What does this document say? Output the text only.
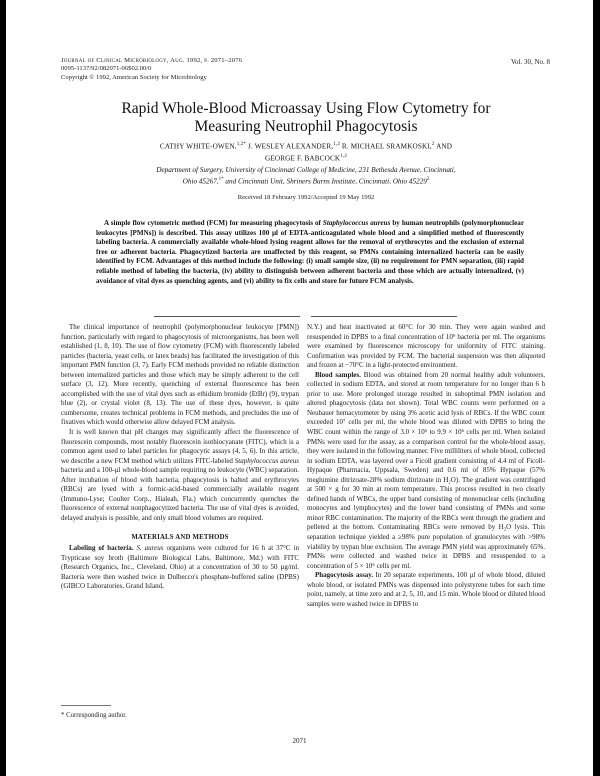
Journal of Clinical Microbiology, Aug. 1992, p. 2071–2076
0095-1137/92/082071-06$02.00/0
Copyright © 1992, American Society for Microbiology
Vol. 30, No. 8
Rapid Whole-Blood Microassay Using Flow Cytometry for
Measuring Neutrophil Phagocytosis
CATHY WHITE-OWEN,$^{1,2*}$ J. WESLEY ALEXANDER,$^{1,2}$ R. MICHAEL SRAMKOSKI,$^2$ AND
GEORGE F. BABCOCK$^{1,2}$
Department of Surgery, University of Cincinnati College of Medicine, 231 Bethesda Avenue, Cincinnati,
Ohio 45267,$^{1*}$ and Cincinnati Unit, Shriners Burns Institute, Cincinnati, Ohio 45229$^2$
Received 18 February 1992/Accepted 19 May 1992
A simple flow cytometric method (FCM) for measuring phagocytosis of Staphylococcus aureus by human neutrophils (polymorphonuclear leukocytes [PMNs]) is described. This assay utilizes 100 µl of EDTA-anticoagulated whole blood and a simplified method of fluorescently labeling bacteria. A commercially available whole-blood lysing reagent allows for the removal of erythrocytes and the exclusion of external free or adherent bacteria. Phagocytized bacteria are unaffected by this reagent, so PMNs containing internalized bacteria can be easily identified by FCM. Advantages of this method include the following: (i) small sample size, (ii) no requirement for PMN separation, (iii) rapid reliable method of labeling the bacteria, (iv) ability to distinguish between adherent bacteria and those which are actually internalized, (v) avoidance of vital dyes as quenching agents, and (vi) ability to fix cells and store for future FCM analysis.

The clinical importance of neutrophil (polymorphonuclear leukocyte [PMN]) function, particularly with regard to phagocytosis of microorganisms, has been well established (1, 8, 10). The use of flow cytometry (FCM) with fluorescently labeled particles (bacteria, yeast cells, or latex beads) has facilitated the investigation of this important PMN function (3, 7). Early FCM methods provided no reliable distinction between internalized particles and those which may be simply adherent to the cell surface (3, 12). More recently, quenching of external fluorescence has been accomplished with the use of vital dyes such as ethidium bromide (EtBr) (9), trypan blue (2), or crystal violet (8, 13). The use of these dyes, however, is quite cumbersome, creates technical problems in FCM methods, and precludes the use of fixatives which would otherwise allow delayed FCM analysis.

It is well known that pH changes may significantly affect the fluorescence of fluorescein compounds, most notably fluorescein isothiocyanate (FITC), which is a common agent used to label particles for phagocytic assays (4, 5, 6). In this article, we describe a new FCM method which utilizes FITC-labeled Staphylococcus aureus bacteria and a 100-µl whole-blood sample requiring no leukocyte (WBC) separation. After incubation of blood with bacteria, phagocytosis is halted and erythrocytes (RBCs) are lysed with a formic-acid-based commercially available reagent (Immuno-Lyse; Coulter Corp., Hialeah, Fla.) which concurrently quenches the fluorescence of external nonphagocytized bacteria. The use of vital dyes is avoided, delayed analysis is possible, and only small blood volumes are required.

MATERIALS AND METHODS

Labeling of bacteria. S. aureus organisms were cultured for 16 h at 37°C in Trypticase soy broth (Baltimore Biological Labs, Baltimore, Md.) with FITC (Research Organics, Inc., Cleveland, Ohio) at a concentration of 30 to 50 µg/ml. Bacteria were then washed twice in Dulbecco's phosphate-buffered saline (DPBS) (GIBCO Laboratories, Grand Island,

N.Y.) and heat inactivated at 60°C for 30 min. They were again washed and resuspended in DPBS to a final concentration of 10⁹ bacteria per ml. The organisms were examined by fluorescence microscopy for uniformity of FITC staining. Confirmation was provided by FCM. The bacterial suspension was then aliquoted and frozen at −70°C in a light-protected environment.

Blood samples. Blood was obtained from 20 normal healthy adult volunteers, collected in sodium EDTA, and stored at room temperature for no longer than 6 h prior to use. More prolonged storage resulted in suboptimal PMN isolation and altered phagocytosis (data not shown). Total WBC counts were performed on a Neubauer hemacytometer by using 3% acetic acid lysis of RBCs. If the WBC count exceeded 10⁷ cells per ml, the whole blood was diluted with DPBS to bring the WBC count within the range of 3.0 × 10⁶ to 9.9 × 10⁶ cells per ml. When isolated PMNs were used for the assay, as a comparison control for the whole-blood assay, they were isolated in the following manner. Five milliliters of whole blood, collected in sodium EDTA, was layered over a Ficoll gradient consisting of 4.4 ml of Ficoll-Hypaque (Pharmacia, Uppsala, Sweden) and 0.6 ml of 85% Hypaque (57% meglumine ditrizoate-28% sodium ditrizoate in H₂O). The gradient was centrifuged at 500 × g for 30 min at room temperature. This process resulted in two clearly defined bands of WBCs, the upper band consisting of mononuclear cells (including monocytes and lymphocytes) and the lower band consisting of PMNs and some minor RBC contamination. The majority of the RBCs went through the gradient and pelleted at the bottom. Contaminating RBCs were removed by H₂O lysis. This separation technique yielded a ≥98% pure population of granulocytes with >98% viability by trypan blue exclusion. The average PMN yield was approximately 65%. PMNs were collected and washed twice in DPBS and resuspended to a concentration of 5 × 10⁶ cells per ml.

Phagocytosis assay. In 20 separate experiments, 100 µl of whole blood, diluted whole blood, or isolated PMNs was dispensed into polystyrene tubes for each time point, namely, at time zero and at 2, 5, 10, and 15 min. Whole blood or diluted blood samples were washed twice in DPBS to

* Corresponding author.
2071
